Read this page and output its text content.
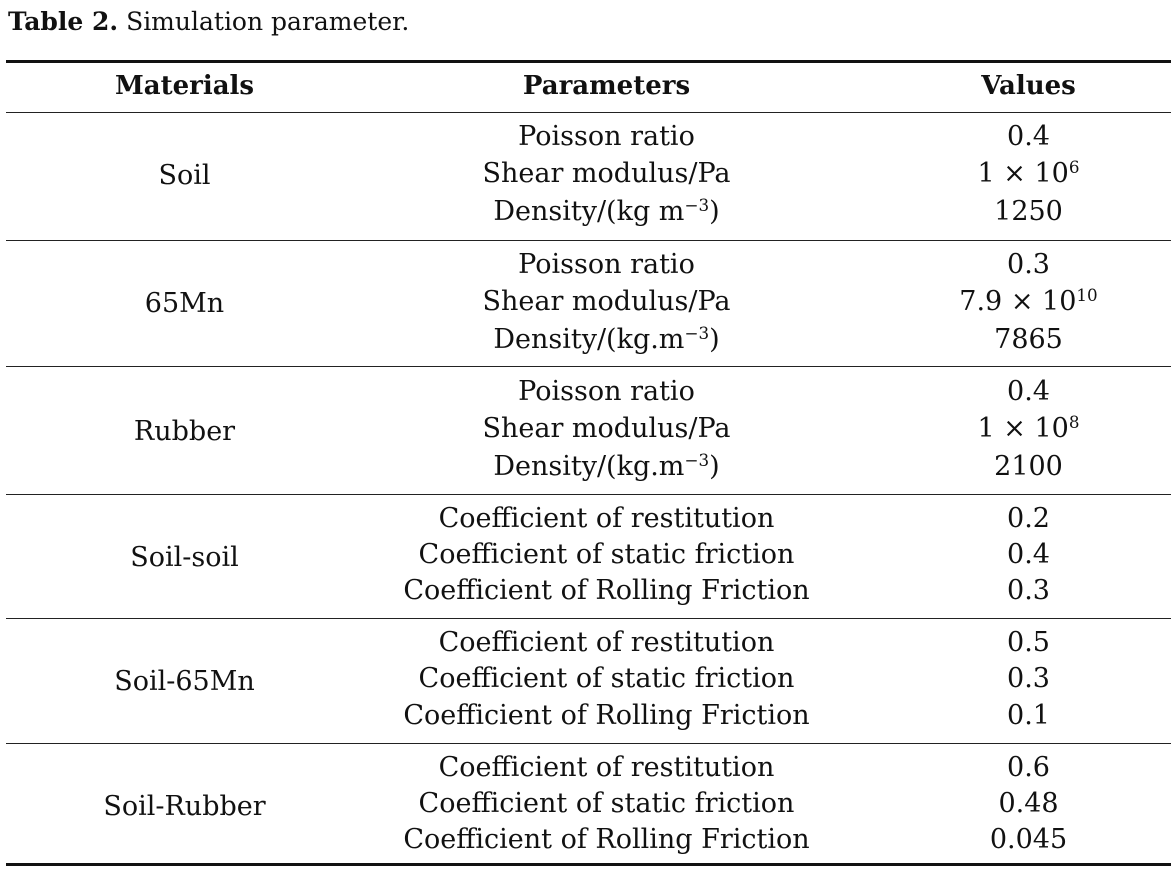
Table 2. Simulation parameter.
Materials	Parameters	Values
Soil
Poisson ratio	0.4
Shear modulus/Pa	$1 \times 10^6$
Density/(kg $m^{-3}$)	1250
65Mn
Poisson ratio	0.3
Shear modulus/Pa	$7.9 \times 10^{10}$
Density/$(kg.m^{-3})$	7865
Rubber
Poisson ratio	0.4
Shear modulus/Pa	$1 \times 10^8$
Density/$(kg.m^{-3})$	2100
Soil-soil
Coefficient of restitution	0.2
Coefficient of static friction	0.4
Coefficient of Rolling Friction	0.3
Soil-65Mn
Coefficient of restitution	0.5
Coefficient of static friction	0.3
Coefficient of Rolling Friction	0.1
Soil-Rubber
Coefficient of restitution	0.6
Coefficient of static friction	0.48
Coefficient of Rolling Friction	0.045
